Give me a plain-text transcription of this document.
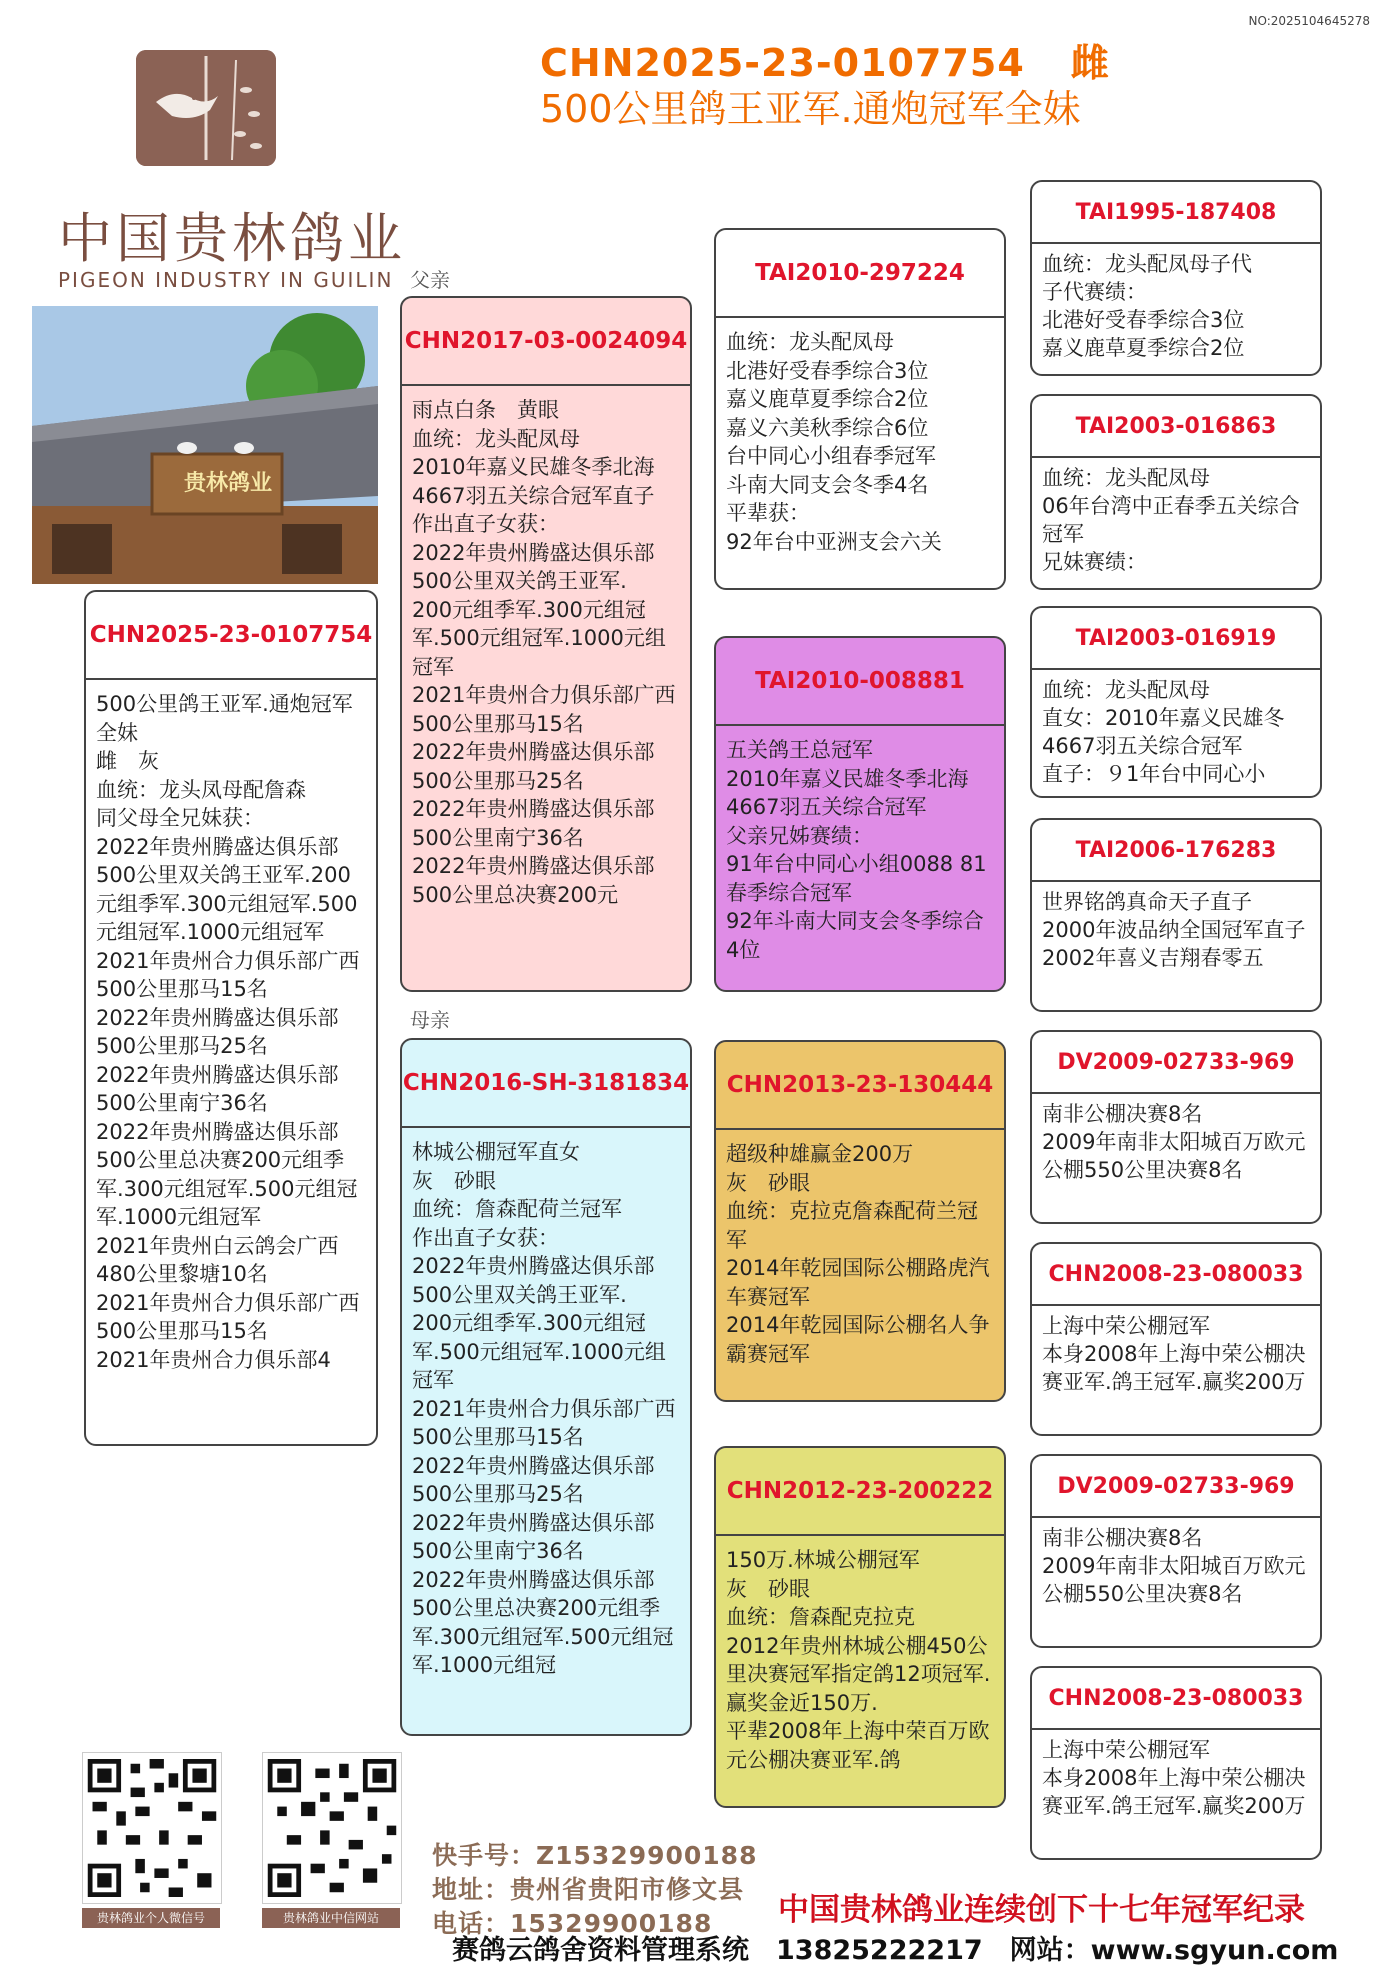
NO:2025104645278
CHN2025-23-0107754 雌
500公里鸽王亚军.通炮冠军全妹
中国贵林鸽业
PIGEON INDUSTRY IN GUILIN
贵林鸽业
父亲
母亲
CHN2025-23-0107754
500公里鸽王亚军.通炮冠军全妹
雌　灰
血统：龙头凤母配詹森
同父母全兄妹获：
2022年贵州腾盛达俱乐部500公里双关鸽王亚军.200元组季军.300元组冠军.500元组冠军.1000元组冠军
2021年贵州合力俱乐部广西500公里那马15名
2022年贵州腾盛达俱乐部500公里那马25名
2022年贵州腾盛达俱乐部500公里南宁36名
2022年贵州腾盛达俱乐部500公里总决赛200元组季军.300元组冠军.500元组冠军.1000元组冠军
2021年贵州白云鸽会广西480公里黎塘10名
2021年贵州合力俱乐部广西500公里那马15名
2021年贵州合力俱乐部4
CHN2017-03-0024094
雨点白条　黄眼
血统：龙头配凤母
2010年嘉义民雄冬季北海4667羽五关综合冠军直子
作出直子女获：
2022年贵州腾盛达俱乐部500公里双关鸽王亚军.
200元组季军.300元组冠军.500元组冠军.1000元组冠军
2021年贵州合力俱乐部广西500公里那马15名
2022年贵州腾盛达俱乐部500公里那马25名
2022年贵州腾盛达俱乐部500公里南宁36名
2022年贵州腾盛达俱乐部500公里总决赛200元
CHN2016-SH-3181834
林城公棚冠军直女
灰　砂眼
血统：詹森配荷兰冠军
作出直子女获：
2022年贵州腾盛达俱乐部500公里双关鸽王亚军.
200元组季军.300元组冠军.500元组冠军.1000元组冠军
2021年贵州合力俱乐部广西500公里那马15名
2022年贵州腾盛达俱乐部500公里那马25名
2022年贵州腾盛达俱乐部500公里南宁36名
2022年贵州腾盛达俱乐部500公里总决赛200元组季军.300元组冠军.500元组冠军.1000元组冠
TAI2010-297224
血统：龙头配凤母
北港好受春季综合3位
嘉义鹿草夏季综合2位
嘉义六美秋季综合6位
台中同心小组春季冠军
斗南大同支会冬季4名
平辈获：
92年台中亚洲支会六关
TAI2010-008881
五关鸽王总冠军
2010年嘉义民雄冬季北海4667羽五关综合冠军
父亲兄姊赛绩：
91年台中同心小组0088 81春季综合冠军
92年斗南大同支会冬季综合4位
CHN2013-23-130444
超级种雄赢金200万
灰　砂眼
血统：克拉克詹森配荷兰冠军
2014年乾园国际公棚路虎汽车赛冠军
2014年乾园国际公棚名人争霸赛冠军
CHN2012-23-200222
150万.林城公棚冠军
灰　砂眼
血统：詹森配克拉克
2012年贵州林城公棚450公里决赛冠军指定鸽12项冠军.赢奖金近150万.
平辈2008年上海中荣百万欧元公棚决赛亚军.鸽
TAI1995-187408
血统：龙头配凤母子代
子代赛绩：
北港好受春季综合3位
嘉义鹿草夏季综合2位
TAI2003-016863
血统：龙头配凤母
06年台湾中正春季五关综合冠军
兄妹赛绩：
TAI2003-016919
血统：龙头配凤母
直女：2010年嘉义民雄冬4667羽五关综合冠军
直子：９1年台中同心小
TAI2006-176283
世界铭鸽真命天子直子
2000年波品纳全国冠军直子
2002年喜义吉翔春零五
DV2009-02733-969
南非公棚决赛8名
2009年南非太阳城百万欧元公棚550公里决赛8名
CHN2008-23-080033
上海中荣公棚冠军
本身2008年上海中荣公棚决赛亚军.鸽王冠军.赢奖200万
DV2009-02733-969
南非公棚决赛8名
2009年南非太阳城百万欧元公棚550公里决赛8名
CHN2008-23-080033
上海中荣公棚冠军
本身2008年上海中荣公棚决赛亚军.鸽王冠军.赢奖200万
贵林鸽业个人微信号	贵林鸽业中信网站
快手号：Z15329900188
地址：贵州省贵阳市修文县
电话：15329900188 中国贵林鸽业连续创下十七年冠军纪录
赛鸽云鸽舍资料管理系统　13825222217　网站：www.sgyun.com
